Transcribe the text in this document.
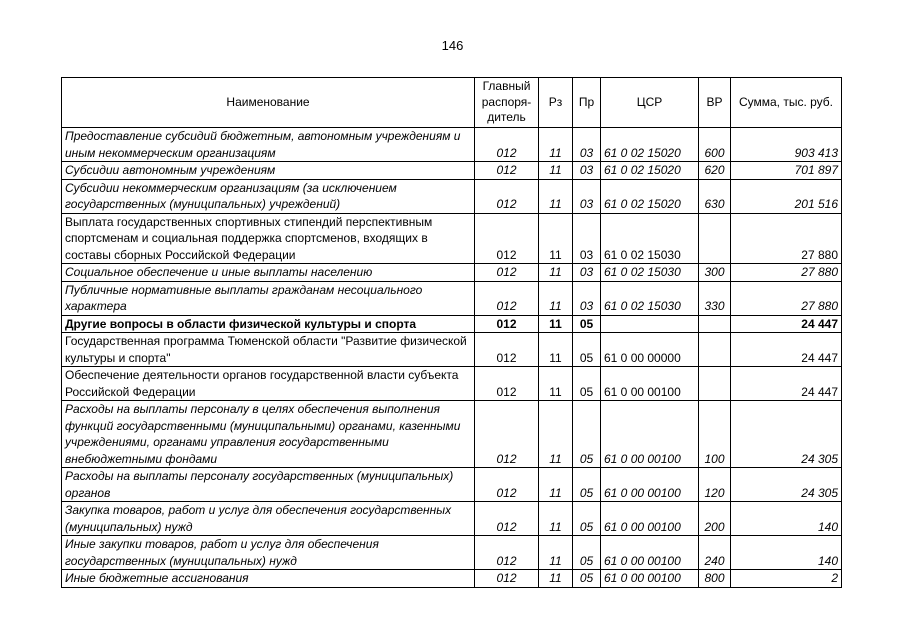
146
Наименование	Главный распоря-дитель	Рз	Пр	ЦСР	ВР	Сумма, тыс. руб.
Предоставление субсидий бюджетным, автономным учреждениям и иным некоммерческим организациям	012	11	03	61 0 02 15020	600	903 413
Субсидии автономным учреждениям	012	11	03	61 0 02 15020	620	701 897
Субсидии некоммерческим организациям (за исключением государственных (муниципальных) учреждений)	012	11	03	61 0 02 15020	630	201 516
Выплата государственных спортивных стипендий перспективным спортсменам и социальная поддержка спортсменов, входящих в составы сборных Российской Федерации	012	11	03	61 0 02 15030		27 880
Социальное обеспечение и иные выплаты населению	012	11	03	61 0 02 15030	300	27 880
Публичные нормативные выплаты гражданам несоциального характера	012	11	03	61 0 02 15030	330	27 880
Другие вопросы в области физической культуры и спорта	012	11	05			24 447
Государственная программа Тюменской области "Развитие физической культуры и спорта"	012	11	05	61 0 00 00000		24 447
Обеспечение деятельности органов государственной власти субъекта Российской Федерации	012	11	05	61 0 00 00100		24 447
Расходы на выплаты персоналу в целях обеспечения выполнения функций государственными (муниципальными) органами, казенными учреждениями, органами управления государственными внебюджетными фондами	012	11	05	61 0 00 00100	100	24 305
Расходы на выплаты персоналу государственных (муниципальных) органов	012	11	05	61 0 00 00100	120	24 305
Закупка товаров, работ и услуг для обеспечения государственных (муниципальных) нужд	012	11	05	61 0 00 00100	200	140
Иные закупки товаров, работ и услуг для обеспечения государственных (муниципальных) нужд	012	11	05	61 0 00 00100	240	140
Иные бюджетные ассигнования	012	11	05	61 0 00 00100	800	2
